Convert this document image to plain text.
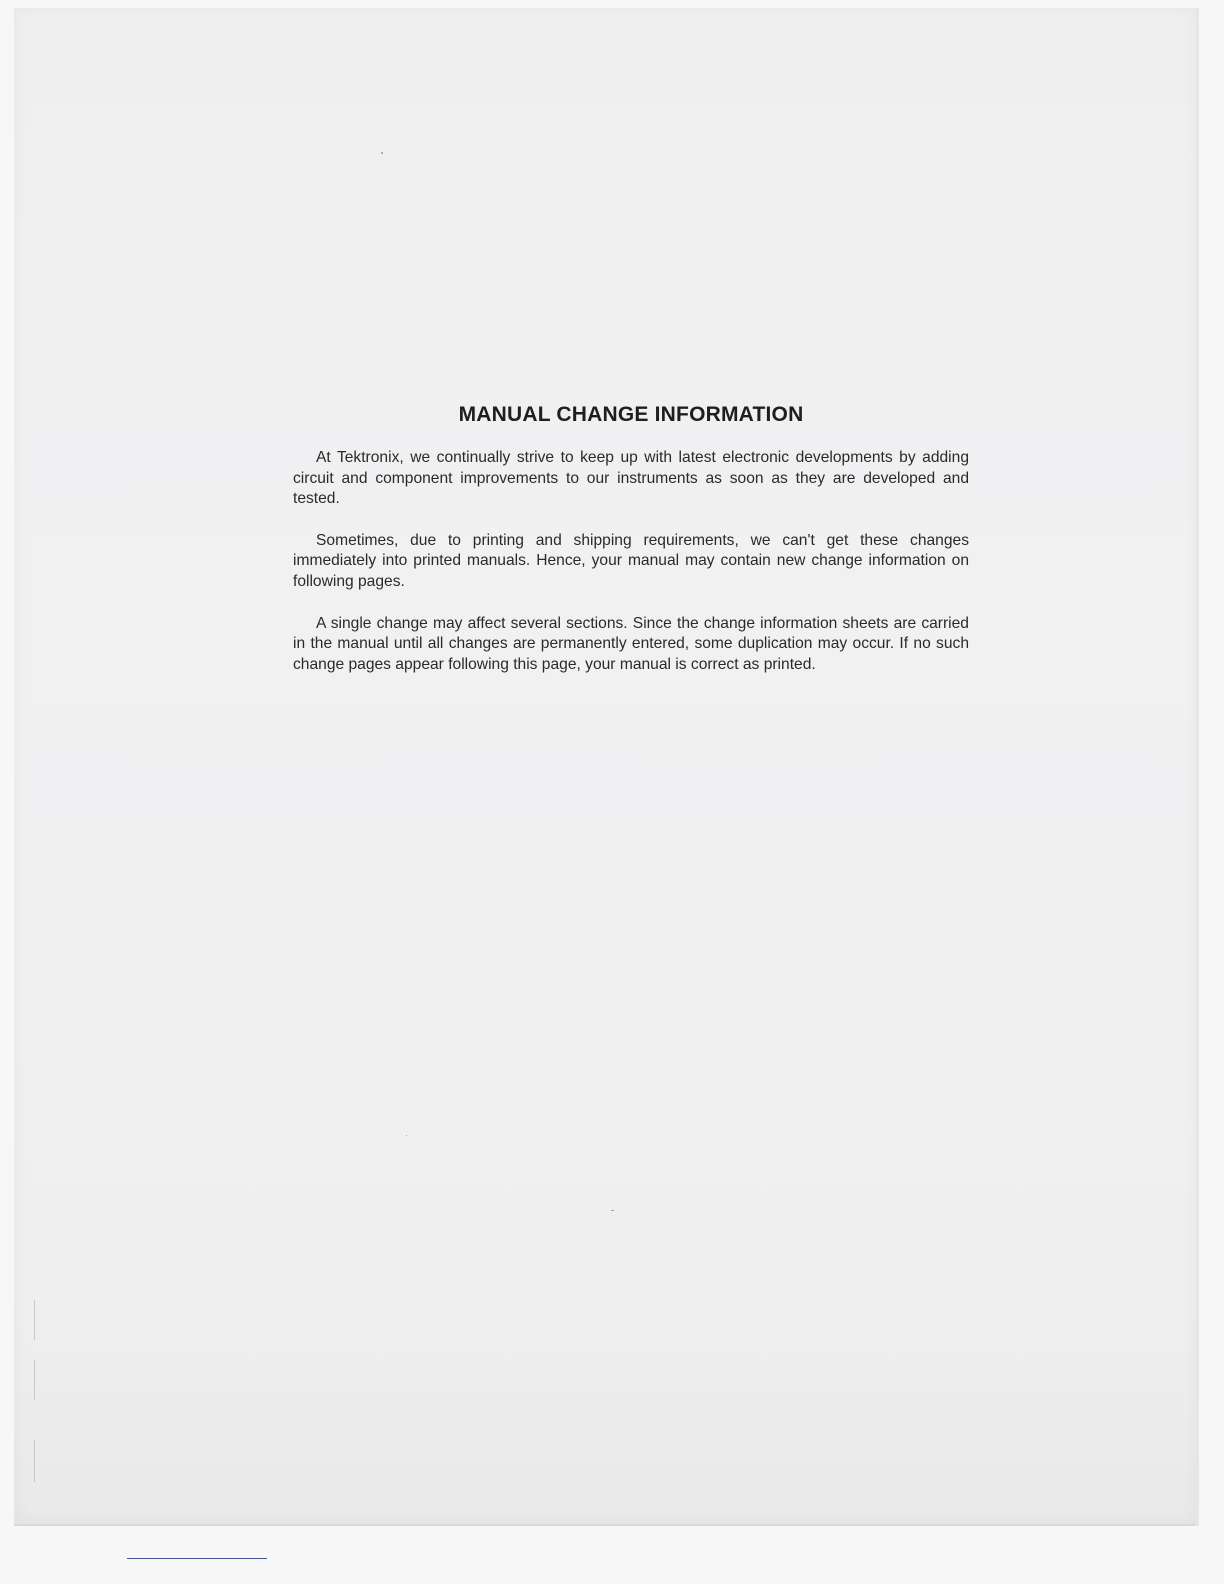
MANUAL CHANGE INFORMATION

At Tektronix, we continually strive to keep up with latest electronic developments by adding circuit and component improvements to our instruments as soon as they are developed and tested.

Sometimes, due to printing and shipping requirements, we can't get these changes immediately into printed manuals. Hence, your manual may contain new change information on following pages.

A single change may affect several sections. Since the change information sheets are carried in the manual until all changes are permanently entered, some duplication may occur. If no such change pages appear following this page, your manual is correct as printed.
